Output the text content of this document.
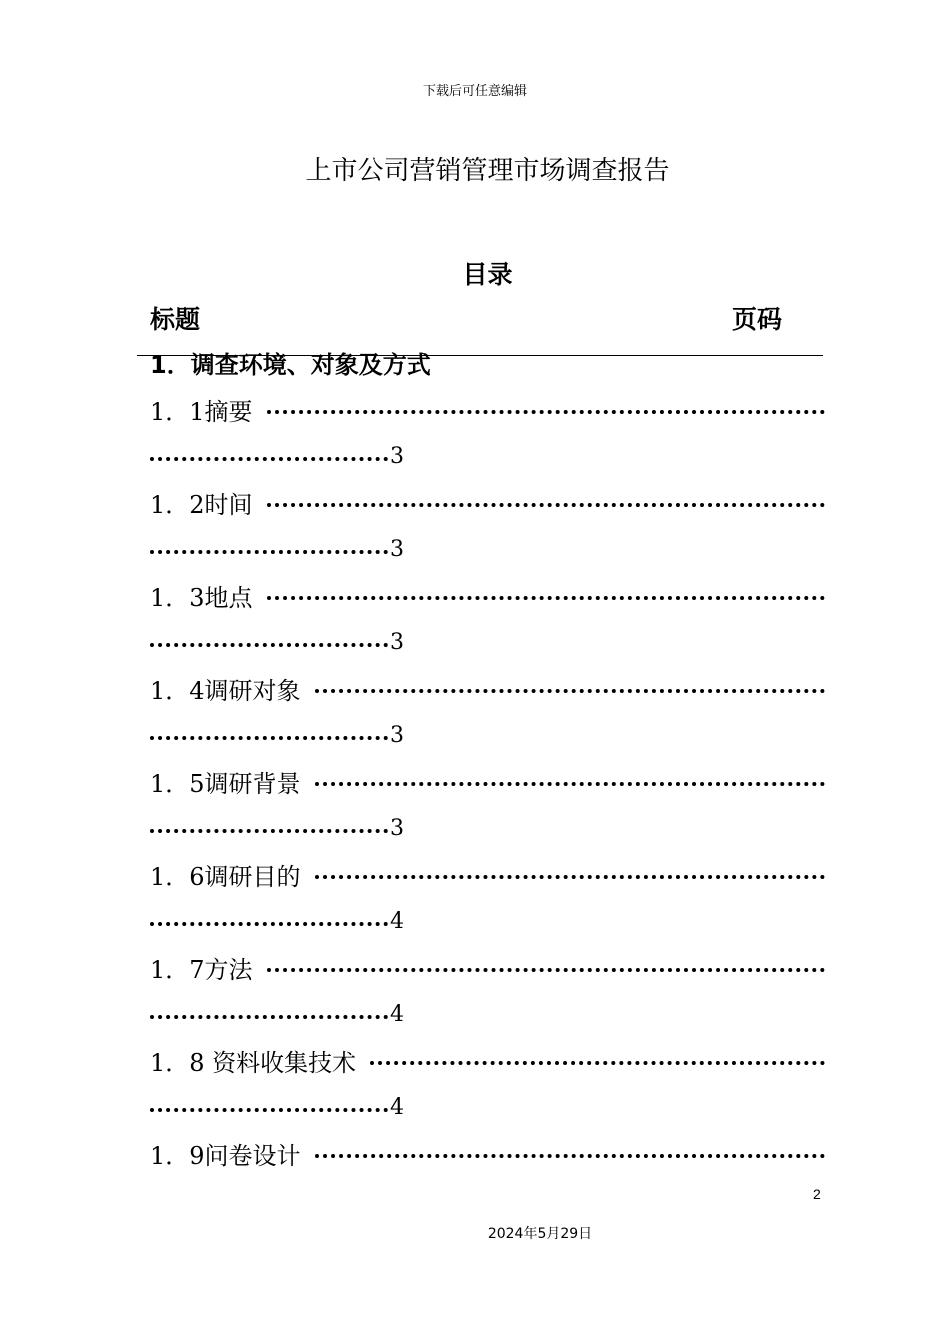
下载后可任意编辑
上市公司营销管理市场调查报告
目录
标题	页码
1．调查环境、对象及方式
1．1摘要
3
1．2时间
3
1．3地点
3
1．4调研对象
3
1．5调研背景
3
1．6调研目的
4
1．7方法
4
1．8 资料收集技术
4
1．9问卷设计
2
2024年5月29日
